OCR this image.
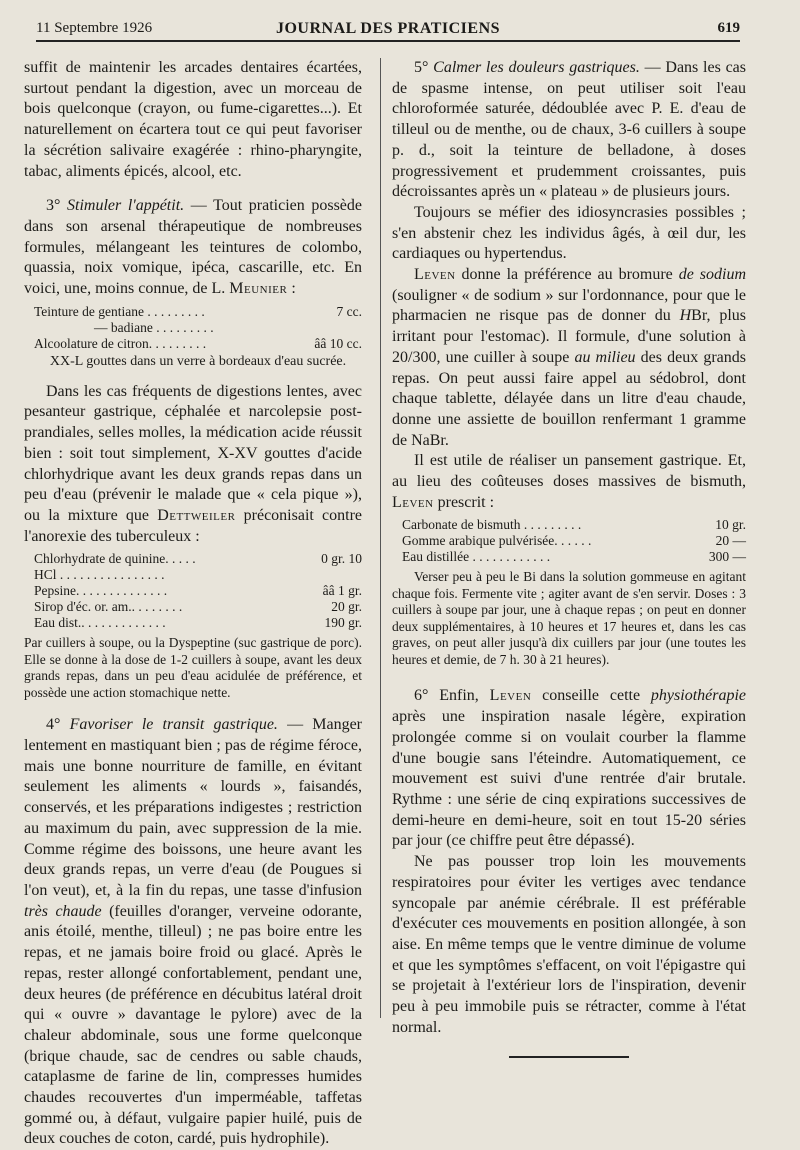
11 Septembre 1926	JOURNAL DES PRATICIENS	619

suffit de maintenir les arcades dentaires écartées, surtout pendant la digestion, avec un morceau de bois quelconque (crayon, ou fume-cigarettes...). Et naturellement on écartera tout ce qui peut favoriser la sécrétion salivaire exagérée : rhino-pharyngite, tabac, aliments épicés, alcool, etc.

3° Stimuler l'appétit. — Tout praticien possède dans son arsenal thérapeutique de nombreuses formules, mélangeant les teintures de colombo, quassia, noix vomique, ipéca, cascarille, etc. En voici, une, moins connue, de L. Meunier :

Teinture de gentiane . . . . . . . . .	7 cc.
— badiane . . . . . . . . .	
Alcoolature de citron. . . . . . . . .	ââ 10 cc.
XX-L gouttes dans un verre à bordeaux d'eau sucrée.

Dans les cas fréquents de digestions lentes, avec pesanteur gastrique, céphalée et narcolepsie post-prandiales, selles molles, la médication acide réussit bien : soit tout simplement, X-XV gouttes d'acide chlorhydrique avant les deux grands repas dans un peu d'eau (prévenir le malade que « cela pique »), ou la mixture que Dettweiler préconisait contre l'anorexie des tuberculeux :

Chlorhydrate de quinine. . . . .	0 gr. 10
HCl . . . . . . . . . . . . . . . .	
Pepsine. . . . . . . . . . . . . .	ââ 1 gr.
Sirop d'éc. or. am.. . . . . . . .	20 gr.
Eau dist.. . . . . . . . . . . . .	190 gr.

Par cuillers à soupe, ou la Dyspeptine (suc gastrique de porc). Elle se donne à la dose de 1-2 cuillers à soupe, avant les deux grands repas, dans un peu d'eau acidulée de préférence, et possède une action stomachique nette.

4° Favoriser le transit gastrique. — Manger lentement en mastiquant bien ; pas de régime féroce, mais une bonne nourriture de famille, en évitant seulement les aliments « lourds », faisandés, conservés, et les préparations indigestes ; restriction au maximum du pain, avec suppression de la mie. Comme régime des boissons, une heure avant les deux grands repas, un verre d'eau (de Pougues si l'on veut), et, à la fin du repas, une tasse d'infusion très chaude (feuilles d'oranger, verveine odorante, anis étoilé, menthe, tilleul) ; ne pas boire entre les repas, et ne jamais boire froid ou glacé. Après le repas, rester allongé confortablement, pendant une, deux heures (de préférence en décubitus latéral droit qui « ouvre » davantage le pylore) avec de la chaleur abdominale, sous une forme quelconque (brique chaude, sac de cendres ou sable chauds, cataplasme de farine de lin, compresses humides chaudes recouvertes d'un imperméable, taffetas gommé ou, à défaut, vulgaire papier huilé, puis de deux couches de coton, cardé, puis hydrophile).

5° Calmer les douleurs gastriques. — Dans les cas de spasme intense, on peut utiliser soit l'eau chloroformée saturée, dédoublée avec P. E. d'eau de tilleul ou de menthe, ou de chaux, 3-6 cuillers à soupe p. d., soit la teinture de belladone, à doses progressivement et prudemment croissantes, puis décroissantes après un « plateau » de plusieurs jours.

Toujours se méfier des idiosyncrasies possibles ; s'en abstenir chez les individus âgés, à œil dur, les cardiaques ou hypertendus.

Leven donne la préférence au bromure de sodium (souligner « de sodium » sur l'ordonnance, pour que le pharmacien ne risque pas de donner du HBr, plus irritant pour l'estomac). Il formule, d'une solution à 20/300, une cuiller à soupe au milieu des deux grands repas. On peut aussi faire appel au sédobrol, dont chaque tablette, délayée dans un litre d'eau chaude, donne une assiette de bouillon renfermant 1 gramme de NaBr.

Il est utile de réaliser un pansement gastrique. Et, au lieu des coûteuses doses massives de bismuth, Leven prescrit :

Carbonate de bismuth . . . . . . . . .	10 gr.
Gomme arabique pulvérisée. . . . . .	20 —
Eau distillée . . . . . . . . . . . .	300 —

Verser peu à peu le Bi dans la solution gommeuse en agitant chaque fois. Fermente vite ; agiter avant de s'en servir. Doses : 3 cuillers à soupe par jour, une à chaque repas ; on peut en donner deux supplémentaires, à 10 heures et 17 heures et, dans les cas graves, on peut aller jusqu'à dix cuillers par jour (une toutes les heures et demie, de 7 h. 30 à 21 heures).

6° Enfin, Leven conseille cette physiothérapie après une inspiration nasale légère, expiration prolongée comme si on voulait courber la flamme d'une bougie sans l'éteindre. Automatiquement, ce mouvement est suivi d'une rentrée d'air brutale. Rythme : une série de cinq expirations successives de demi-heure en demi-heure, soit en tout 15-20 séries par jour (ce chiffre peut être dépassé).

Ne pas pousser trop loin les mouvements respiratoires pour éviter les vertiges avec tendance syncopale par anémie cérébrale. Il est préférable d'exécuter ces mouvements en position allongée, à son aise. En même temps que le ventre diminue de volume et que les symptômes s'effacent, on voit l'épigastre qui se projetait à l'extérieur lors de l'inspiration, devenir peu à peu immobile puis se rétracter, comme à l'état normal.
